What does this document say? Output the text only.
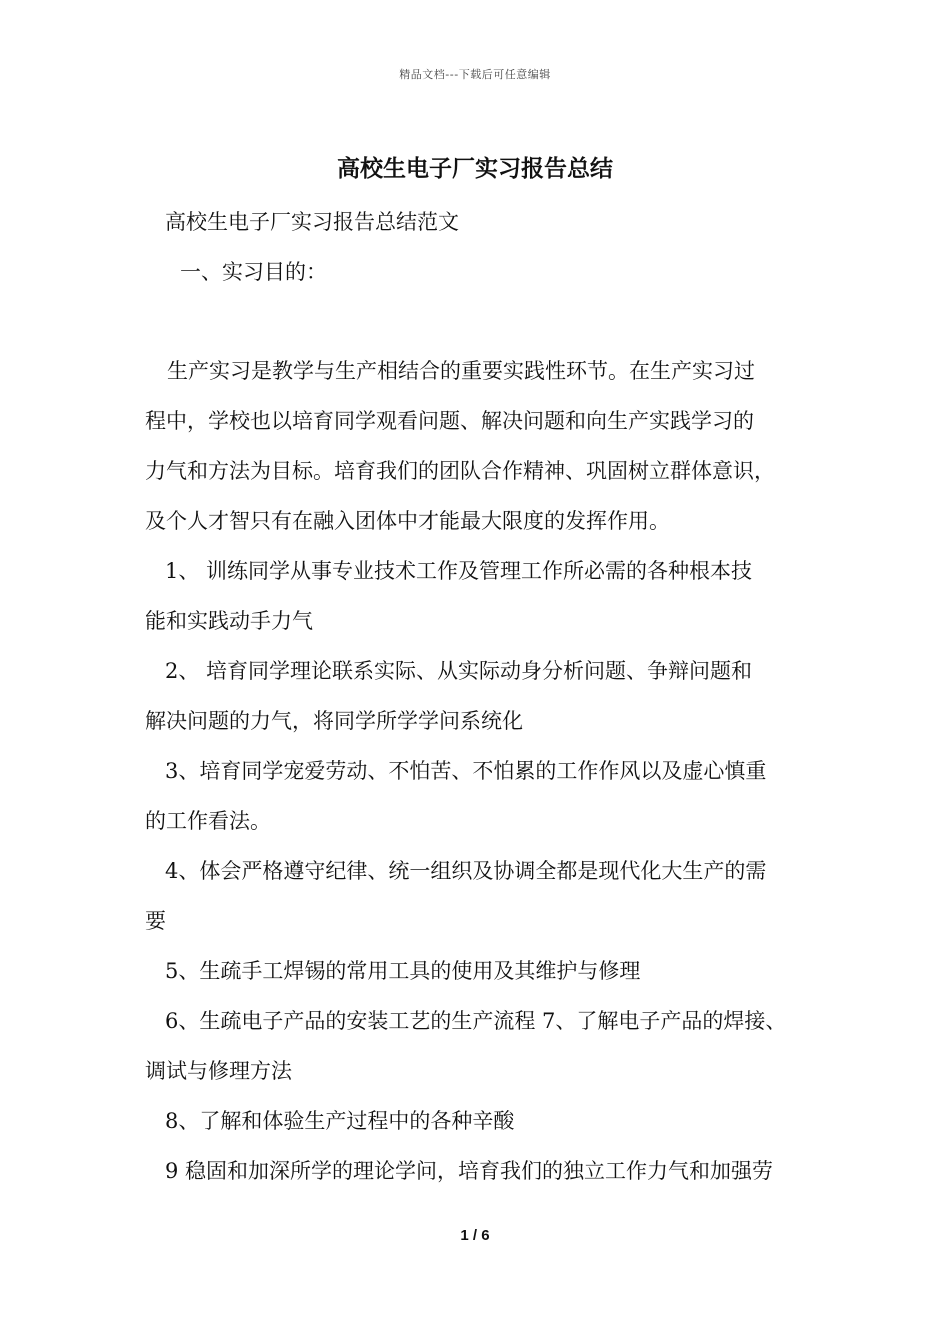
精品文档---下载后可任意编辑
高校生电子厂实习报告总结
高校生电子厂实习报告总结范文
一、实习目的：
生产实习是教学与生产相结合的重要实践性环节。在生产实习过
程中，学校也以培育同学观看问题、解决问题和向生产实践学习的
力气和方法为目标。培育我们的团队合作精神、巩固树立群体意识，
及个人才智只有在融入团体中才能最大限度的发挥作用。
1、 训练同学从事专业技术工作及管理工作所必需的各种根本技
能和实践动手力气
2、 培育同学理论联系实际、从实际动身分析问题、争辩问题和
解决问题的力气，将同学所学学问系统化
3、培育同学宠爱劳动、不怕苦、不怕累的工作作风以及虚心慎重
的工作看法。
4、体会严格遵守纪律、统一组织及协调全都是现代化大生产的需
要
5、生疏手工焊锡的常用工具的使用及其维护与修理
6、生疏电子产品的安装工艺的生产流程 7、了解电子产品的焊接、
调试与修理方法
8、了解和体验生产过程中的各种辛酸
9 稳固和加深所学的理论学问，培育我们的独立工作力气和加强劳
1 / 6
